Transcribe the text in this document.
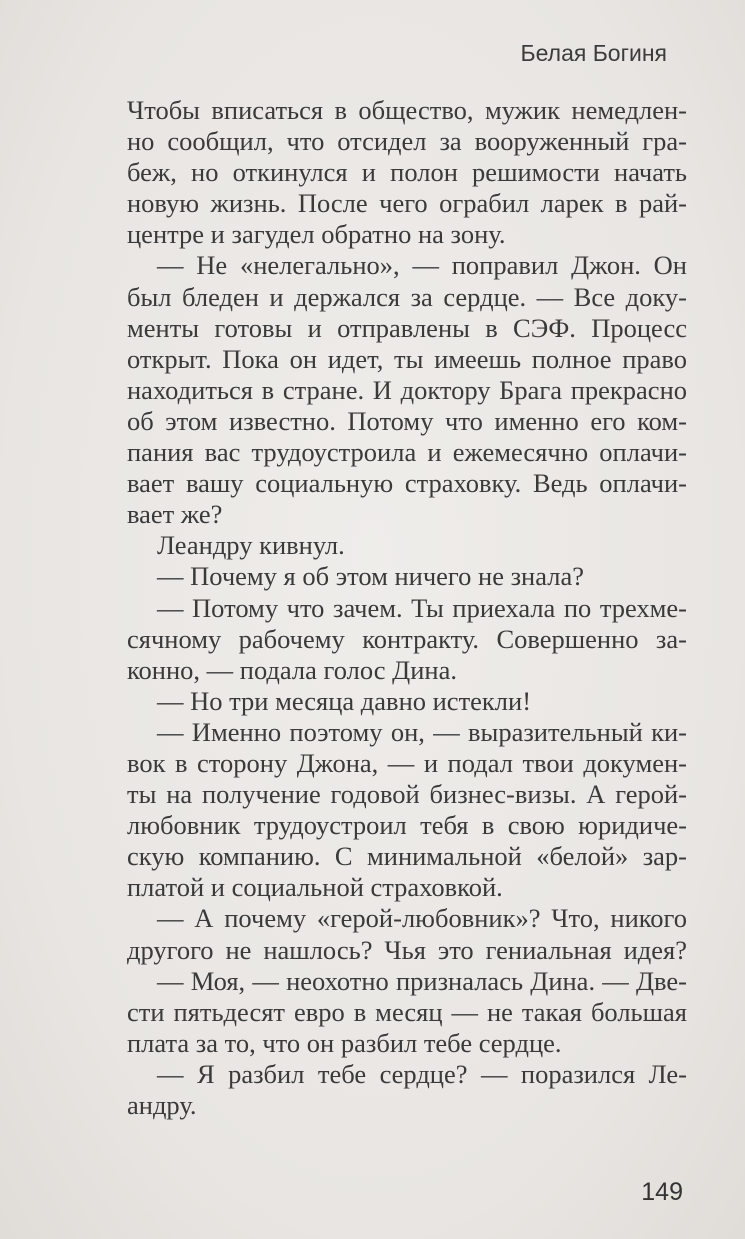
Белая Богиня
Чтобы вписаться в общество, мужик немедлен-
но сообщил, что отсидел за вооруженный гра-
беж, но откинулся и полон решимости начать
новую жизнь. После чего ограбил ларек в рай-
центре и загудел обратно на зону.
— Не «нелегально», — поправил Джон. Он
был бледен и держался за сердце. — Все доку-
менты готовы и отправлены в СЭФ. Процесс
открыт. Пока он идет, ты имеешь полное право
находиться в стране. И доктору Брага прекрасно
об этом известно. Потому что именно его ком-
пания вас трудоустроила и ежемесячно оплачи-
вает вашу социальную страховку. Ведь оплачи-
вает же?
Леандру кивнул.
— Почему я об этом ничего не знала?
— Потому что зачем. Ты приехала по трехме-
сячному рабочему контракту. Совершенно за-
конно, — подала голос Дина.
— Но три месяца давно истекли!
— Именно поэтому он, — выразительный ки-
вок в сторону Джона, — и подал твои докумен-
ты на получение годовой бизнес-визы. А герой-
любовник трудоустроил тебя в свою юридиче-
скую компанию. С минимальной «белой» зар-
платой и социальной страховкой.
— А почему «герой-любовник»? Что, никого
другого не нашлось? Чья это гениальная идея?
— Моя, — неохотно призналась Дина. — Две-
сти пятьдесят евро в месяц — не такая большая
плата за то, что он разбил тебе сердце.
— Я разбил тебе сердце? — поразился Ле-
андру.
149
